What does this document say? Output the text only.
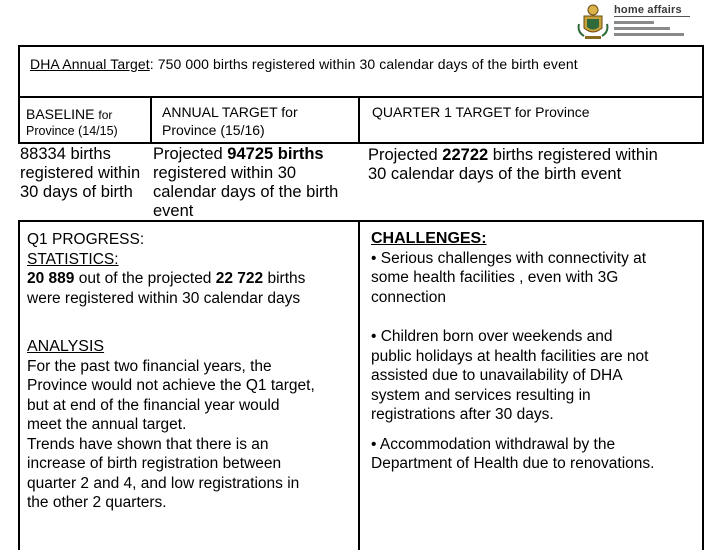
home affairs
DHA Annual Target: 750 000 births registered within 30 calendar days of the birth event

BASELINE for

Province (14/15)

ANNUAL TARGET for

Province (15/16)

QUARTER 1 TARGET for Province

88334 births

registered within

30 days of birth

Projected 94725 births

registered within 30

calendar days of the birth

event

Projected 22722 births registered within

30 calendar days of the birth event

Q1 PROGRESS:

STATISTICS:

20 889 out of the projected 22 722 births

were registered within 30 calendar days

ANALYSIS

For the past two financial years, the

Province would not achieve the Q1 target,

but at end of the financial year would

meet the annual target.

Trends have shown that there is an

increase of birth registration between

quarter 2 and 4, and low registrations in

the other 2 quarters.

CHALLENGES:

• Serious challenges with connectivity at

some health facilities , even with 3G

connection

• Children born over weekends and

public holidays at health facilities are not

assisted due to unavailability of DHA

system and services resulting in

registrations after 30 days.

• Accommodation withdrawal by the

Department of Health due to renovations.
